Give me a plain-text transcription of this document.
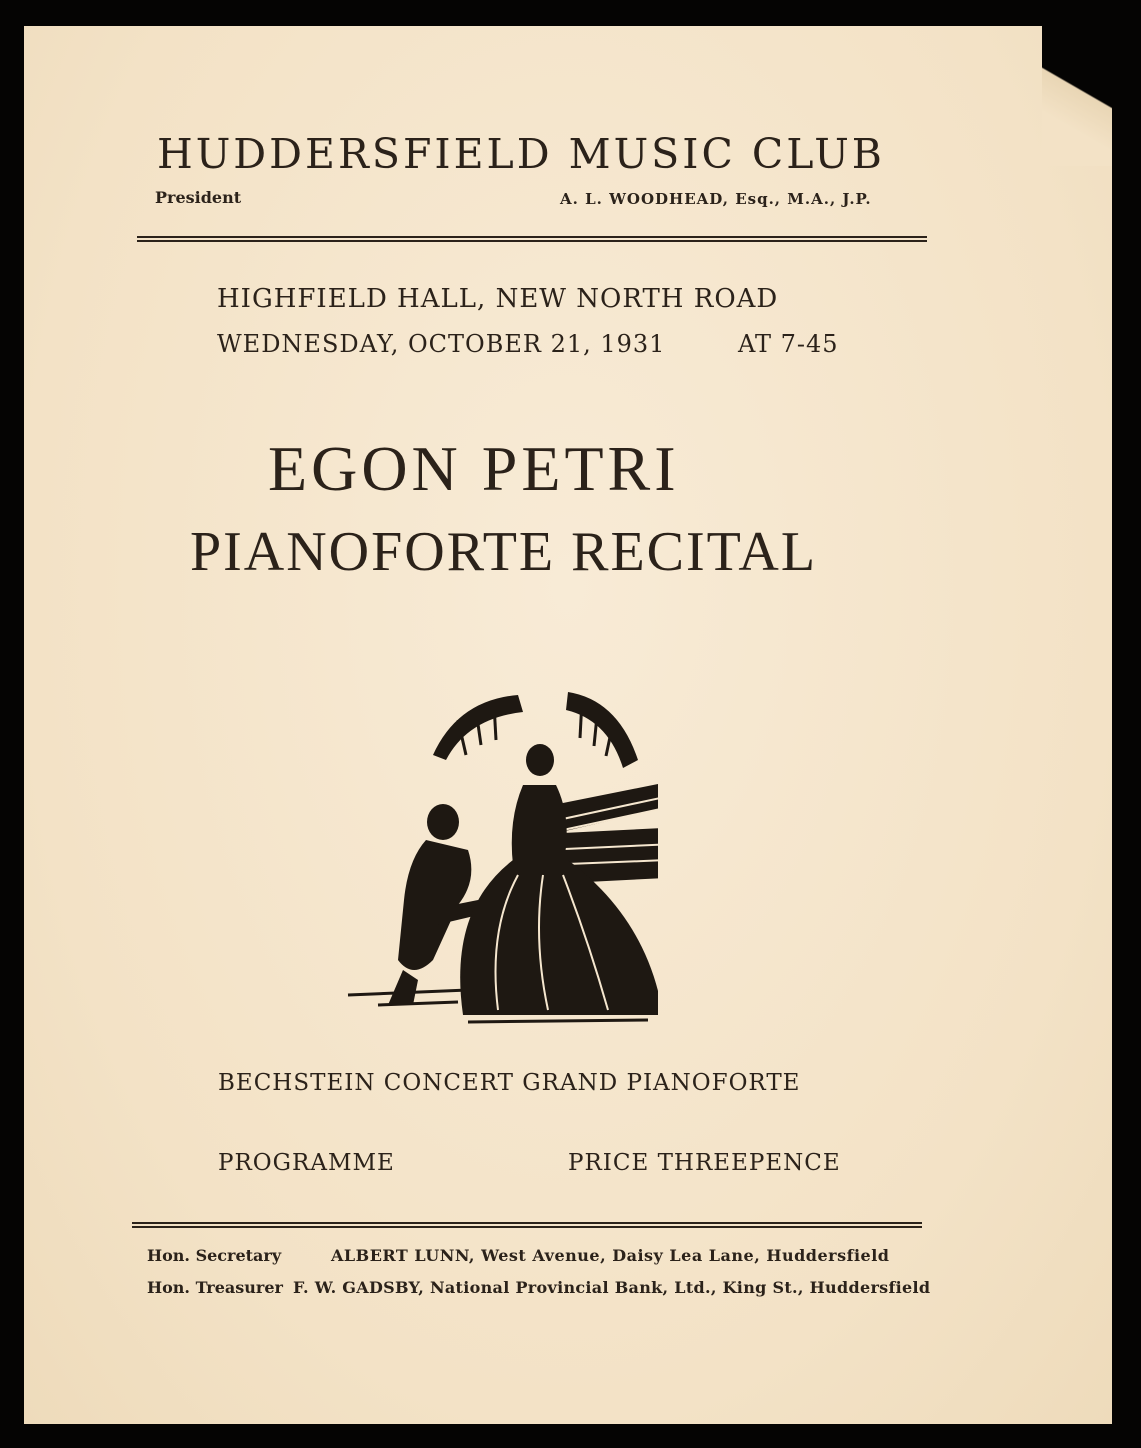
HUDDERSFIELD MUSIC CLUB
President	A. L. WOODHEAD, Esq., M.A., J.P.
HIGHFIELD HALL, NEW NORTH ROAD
WEDNESDAY, OCTOBER 21, 1931	AT 7-45
EGON PETRI
PIANOFORTE RECITAL
BECHSTEIN CONCERT GRAND PIANOFORTE
PROGRAMME	PRICE THREEPENCE
Hon. Secretary	ALBERT LUNN, West Avenue, Daisy Lea Lane, Huddersfield
Hon. Treasurer F. W. GADSBY, National Provincial Bank, Ltd., King St., Huddersfield
